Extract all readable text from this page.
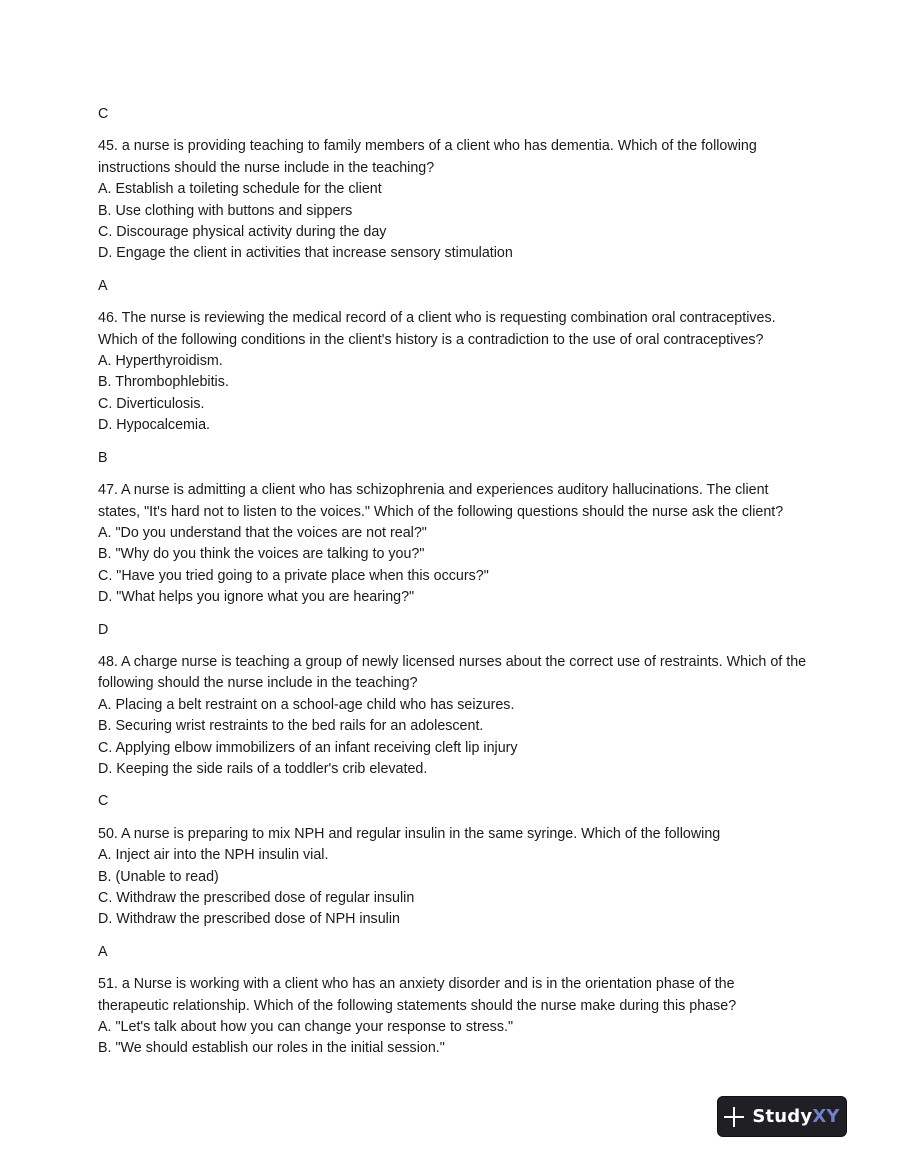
C
45. a nurse is providing teaching to family members of a client who has dementia. Which of the following instructions should the nurse include in the teaching?
A. Establish a toileting schedule for the client
B. Use clothing with buttons and sippers
C. Discourage physical activity during the day
D. Engage the client in activities that increase sensory stimulation
A
46. The nurse is reviewing the medical record of a client who is requesting combination oral contraceptives. Which of the following conditions in the client's history is a contradiction to the use of oral contraceptives?
A. Hyperthyroidism.
B. Thrombophlebitis.
C. Diverticulosis.
D. Hypocalcemia.
B
47. A nurse is admitting a client who has schizophrenia and experiences auditory hallucinations. The client states, "It's hard not to listen to the voices." Which of the following questions should the nurse ask the client?
A. "Do you understand that the voices are not real?"
B. "Why do you think the voices are talking to you?"
C. "Have you tried going to a private place when this occurs?"
D. "What helps you ignore what you are hearing?"
D
48. A charge nurse is teaching a group of newly licensed nurses about the correct use of restraints. Which of the following should the nurse include in the teaching?
A. Placing a belt restraint on a school-age child who has seizures.
B. Securing wrist restraints to the bed rails for an adolescent.
C. Applying elbow immobilizers of an infant receiving cleft lip injury
D. Keeping the side rails of a toddler's crib elevated.
C
50. A nurse is preparing to mix NPH and regular insulin in the same syringe. Which of the following
A. Inject air into the NPH insulin vial.
B. (Unable to read)
C. Withdraw the prescribed dose of regular insulin
D. Withdraw the prescribed dose of NPH insulin
A
51. a Nurse is working with a client who has an anxiety disorder and is in the orientation phase of the therapeutic relationship. Which of the following statements should the nurse make during this phase?
A. "Let's talk about how you can change your response to stress."
B. "We should establish our roles in the initial session."
StudyXY
